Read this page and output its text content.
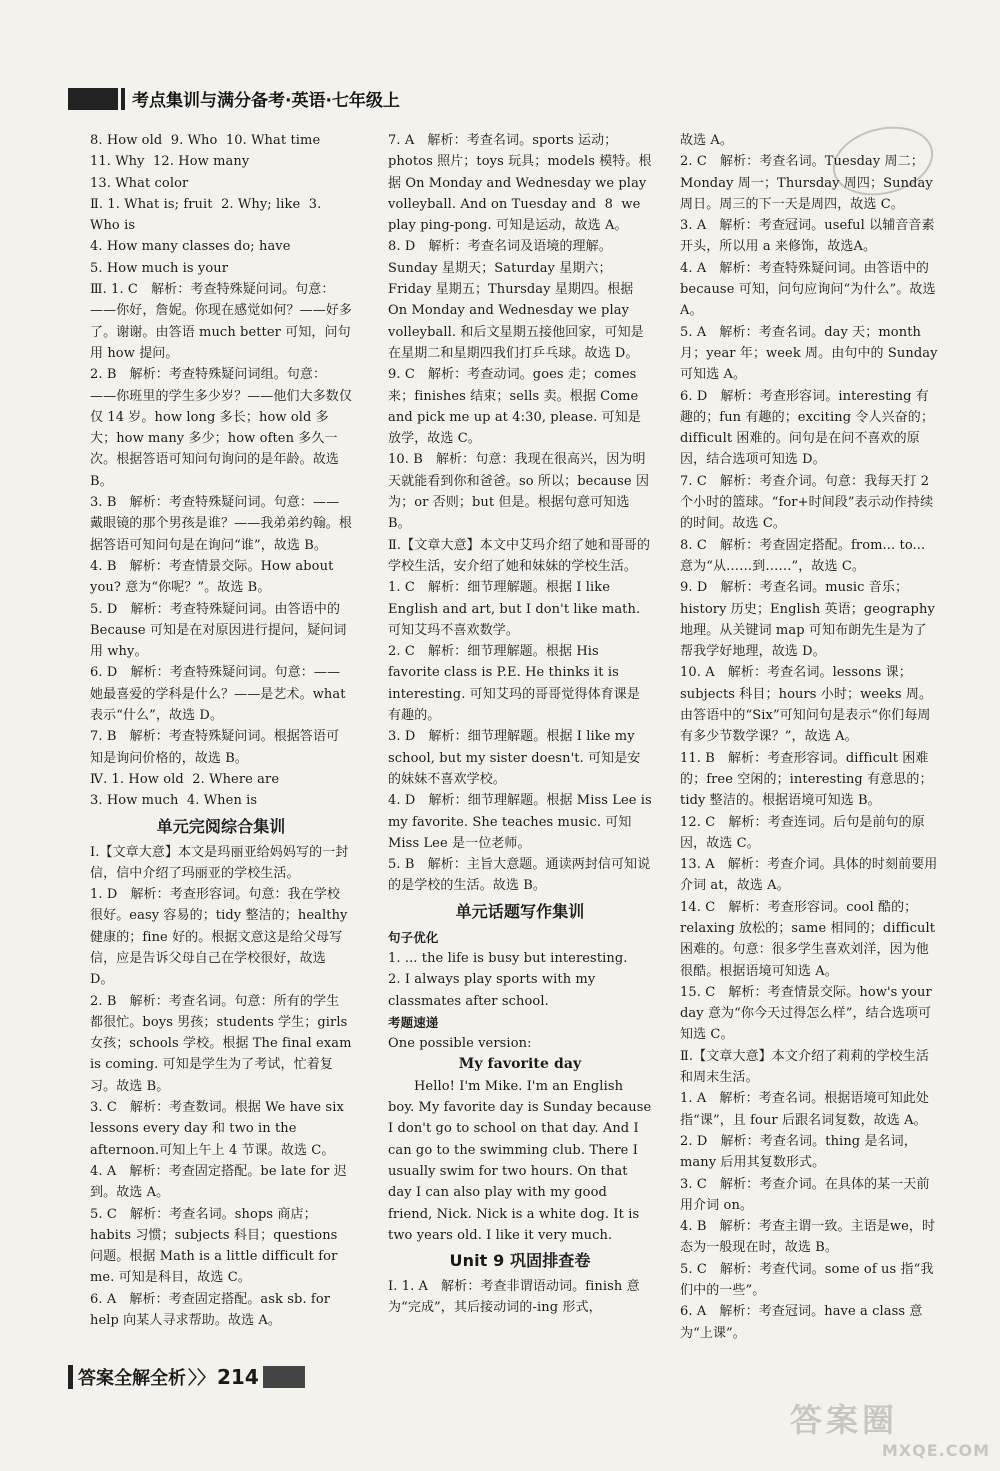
考点集训与满分备考·英语·七年级上

8. How old  9. Who  10. What time

11. Why  12. How many

13. What color

Ⅱ. 1. What is; fruit  2. Why; like  3. Who is

4. How many classes do; have

5. How much is your

Ⅲ. 1. C　解析：考查特殊疑问词。句意：——你好，詹妮。你现在感觉如何？——好多了。谢谢。由答语 much better 可知，问句用 how 提问。

2. B　解析：考查特殊疑问词组。句意：——你班里的学生多少岁？——他们大多数仅仅 14 岁。how long 多长；how old 多大；how many 多少；how often 多久一次。根据答语可知问句询问的是年龄。故选 B。

3. B　解析：考查特殊疑问词。句意：——戴眼镜的那个男孩是谁？——我弟弟约翰。根据答语可知问句是在询问“谁”，故选 B。

4. B　解析：考查情景交际。How about you? 意为“你呢？”。故选 B。

5. D　解析：考查特殊疑问词。由答语中的 Because 可知是在对原因进行提问，疑问词用 why。

6. D　解析：考查特殊疑问词。句意：——她最喜爱的学科是什么？——是艺术。what 表示“什么”，故选 D。

7. B　解析：考查特殊疑问词。根据答语可知是询问价格的，故选 B。

Ⅳ. 1. How old  2. Where are

3. How much  4. When is

单元完阅综合集训

Ⅰ.【文章大意】本文是玛丽亚给妈妈写的一封信，信中介绍了玛丽亚的学校生活。

1. D　解析：考查形容词。句意：我在学校很好。easy 容易的；tidy 整洁的；healthy 健康的；fine 好的。根据文意这是给父母写信，应是告诉父母自己在学校很好，故选 D。

2. B　解析：考查名词。句意：所有的学生都很忙。boys 男孩；students 学生；girls 女孩；schools 学校。根据 The final exam is coming. 可知是学生为了考试，忙着复习。故选 B。

3. C　解析：考查数词。根据 We have six lessons every day 和 two in the afternoon.可知上午上 4 节课。故选 C。

4. A　解析：考查固定搭配。be late for 迟到。故选 A。

5. C　解析：考查名词。shops 商店；habits 习惯；subjects 科目；questions 问题。根据 Math is a little difficult for me. 可知是科目，故选 C。

6. A　解析：考查固定搭配。ask sb. for help 向某人寻求帮助。故选 A。

7. A　解析：考查名词。sports 运动；photos 照片；toys 玩具；models 模特。根据 On Monday and Wednesday we play volleyball. And on Tuesday and  8  we play ping-pong. 可知是运动，故选 A。

8. D　解析：考查名词及语境的理解。Sunday 星期天；Saturday 星期六；Friday 星期五；Thursday 星期四。根据 On Monday and Wednesday we play volleyball. 和后文星期五接他回家，可知是在星期二和星期四我们打乒乓球。故选 D。

9. C　解析：考查动词。goes 走；comes 来；finishes 结束；sells 卖。根据 Come and pick me up at 4:30, please. 可知是放学，故选 C。

10. B　解析：句意：我现在很高兴，因为明天就能看到你和爸爸。so 所以；because 因为；or 否则；but 但是。根据句意可知选 B。

Ⅱ.【文章大意】本文中艾玛介绍了她和哥哥的学校生活，安介绍了她和妹妹的学校生活。

1. C　解析：细节理解题。根据 I like English and art, but I don't like math. 可知艾玛不喜欢数学。

2. C　解析：细节理解题。根据 His favorite class is P.E. He thinks it is interesting. 可知艾玛的哥哥觉得体育课是有趣的。

3. D　解析：细节理解题。根据 I like my school, but my sister doesn't. 可知是安的妹妹不喜欢学校。

4. D　解析：细节理解题。根据 Miss Lee is my favorite. She teaches music. 可知 Miss Lee 是一位老师。

5. B　解析：主旨大意题。通读两封信可知说的是学校的生活。故选 B。

单元话题写作集训
句子优化

1. ... the life is busy but interesting.

2. I always play sports with my classmates after school.

考题速递

One possible version:

My favorite day

Hello! I'm Mike. I'm an English boy. My favorite day is Sunday because I don't go to school on that day. And I can go to the swimming club. There I usually swim for two hours. On that day I can also play with my good friend, Nick. Nick is a white dog. It is two years old. I like it very much.

Unit 9 巩固排查卷

Ⅰ. 1. A　解析：考查非谓语动词。finish 意为“完成”，其后接动词的-ing 形式，

故选 A。

2. C　解析：考查名词。Tuesday 周二；Monday 周一；Thursday 周四；Sunday 周日。周三的下一天是周四，故选 C。

3. A　解析：考查冠词。useful 以辅音音素开头，所以用 a 来修饰，故选A。

4. A　解析：考查特殊疑问词。由答语中的 because 可知，问句应询问“为什么”。故选 A。

5. A　解析：考查名词。day 天；month 月；year 年；week 周。由句中的 Sunday 可知选 A。

6. D　解析：考查形容词。interesting 有趣的；fun 有趣的；exciting 令人兴奋的；difficult 困难的。问句是在问不喜欢的原因，结合选项可知选 D。

7. C　解析：考查介词。句意：我每天打 2 个小时的篮球。“for+时间段”表示动作持续的时间。故选 C。

8. C　解析：考查固定搭配。from... to... 意为“从……到……”，故选 C。

9. D　解析：考查名词。music 音乐；history 历史；English 英语；geography 地理。从关键词 map 可知布朗先生是为了帮我学好地理，故选 D。

10. A　解析：考查名词。lessons 课；subjects 科目；hours 小时；weeks 周。由答语中的“Six”可知问句是表示“你们每周有多少节数学课？”，故选 A。

11. B　解析：考查形容词。difficult 困难的；free 空闲的；interesting 有意思的；tidy 整洁的。根据语境可知选 B。

12. C　解析：考查连词。后句是前句的原因，故选 C。

13. A　解析：考查介词。具体的时刻前要用介词 at，故选 A。

14. C　解析：考查形容词。cool 酷的；relaxing 放松的；same 相同的；difficult 困难的。句意：很多学生喜欢刘洋，因为他很酷。根据语境可知选 A。

15. C　解析：考查情景交际。how's your day 意为“你今天过得怎么样”，结合选项可知选 C。

Ⅱ.【文章大意】本文介绍了莉莉的学校生活和周末生活。

1. A　解析：考查名词。根据语境可知此处指“课”，且 four 后跟名词复数，故选 A。

2. D　解析：考查名词。thing 是名词，many 后用其复数形式。

3. C　解析：考查介词。在具体的某一天前用介词 on。

4. B　解析：考查主谓一致。主语是we，时态为一般现在时，故选 B。

5. C　解析：考查代词。some of us 指“我们中的一些”。

6. A　解析：考查冠词。have a class 意为“上课”。

答案全解全析 〉〉 214
答案圈
MXQE.COM
